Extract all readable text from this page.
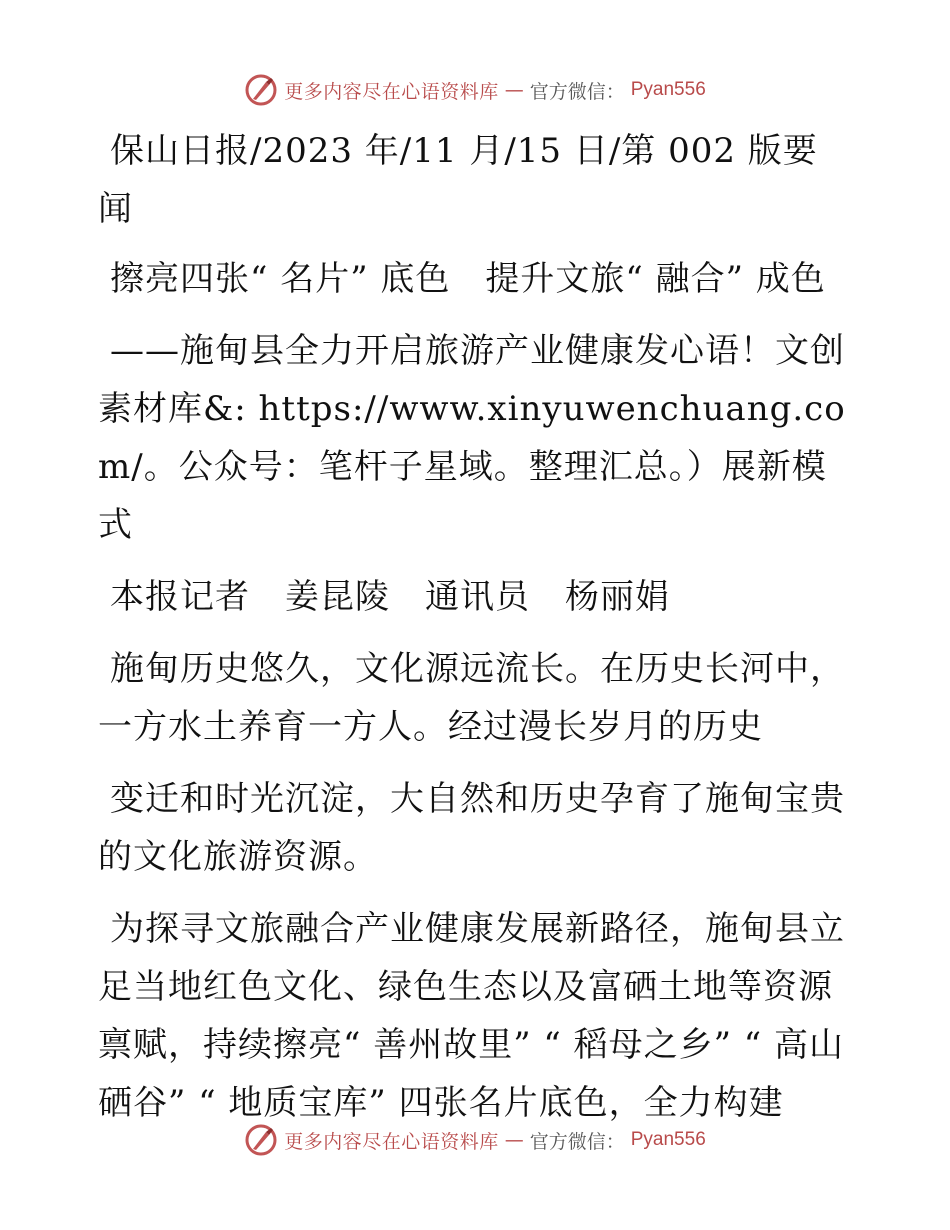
更多内容尽在心语资料库 — 官方微信： Pyan556

保山日报/2023 年/11 月/15 日/第 002 版要闻

擦亮四张“ 名片” 底色　提升文旅“ 融合” 成色

——施甸县全力开启旅游产业健康发心语！文创素材库&: https://www.xinyuwenchuang.com/。公众号：笔杆子星域。整理汇总。）展新模式

本报记者　姜昆陵　通讯员　杨丽娟

施甸历史悠久，文化源远流长。在历史长河中，一方水土养育一方人。经过漫长岁月的历史

变迁和时光沉淀，大自然和历史孕育了施甸宝贵的文化旅游资源。

为探寻文旅融合产业健康发展新路径，施甸县立足当地红色文化、绿色生态以及富硒土地等资源禀赋，持续擦亮“ 善州故里” “ 稻母之乡” “ 高山硒谷” “ 地质宝库” 四张名片底色，全力构建

更多内容尽在心语资料库 — 官方微信： Pyan556
